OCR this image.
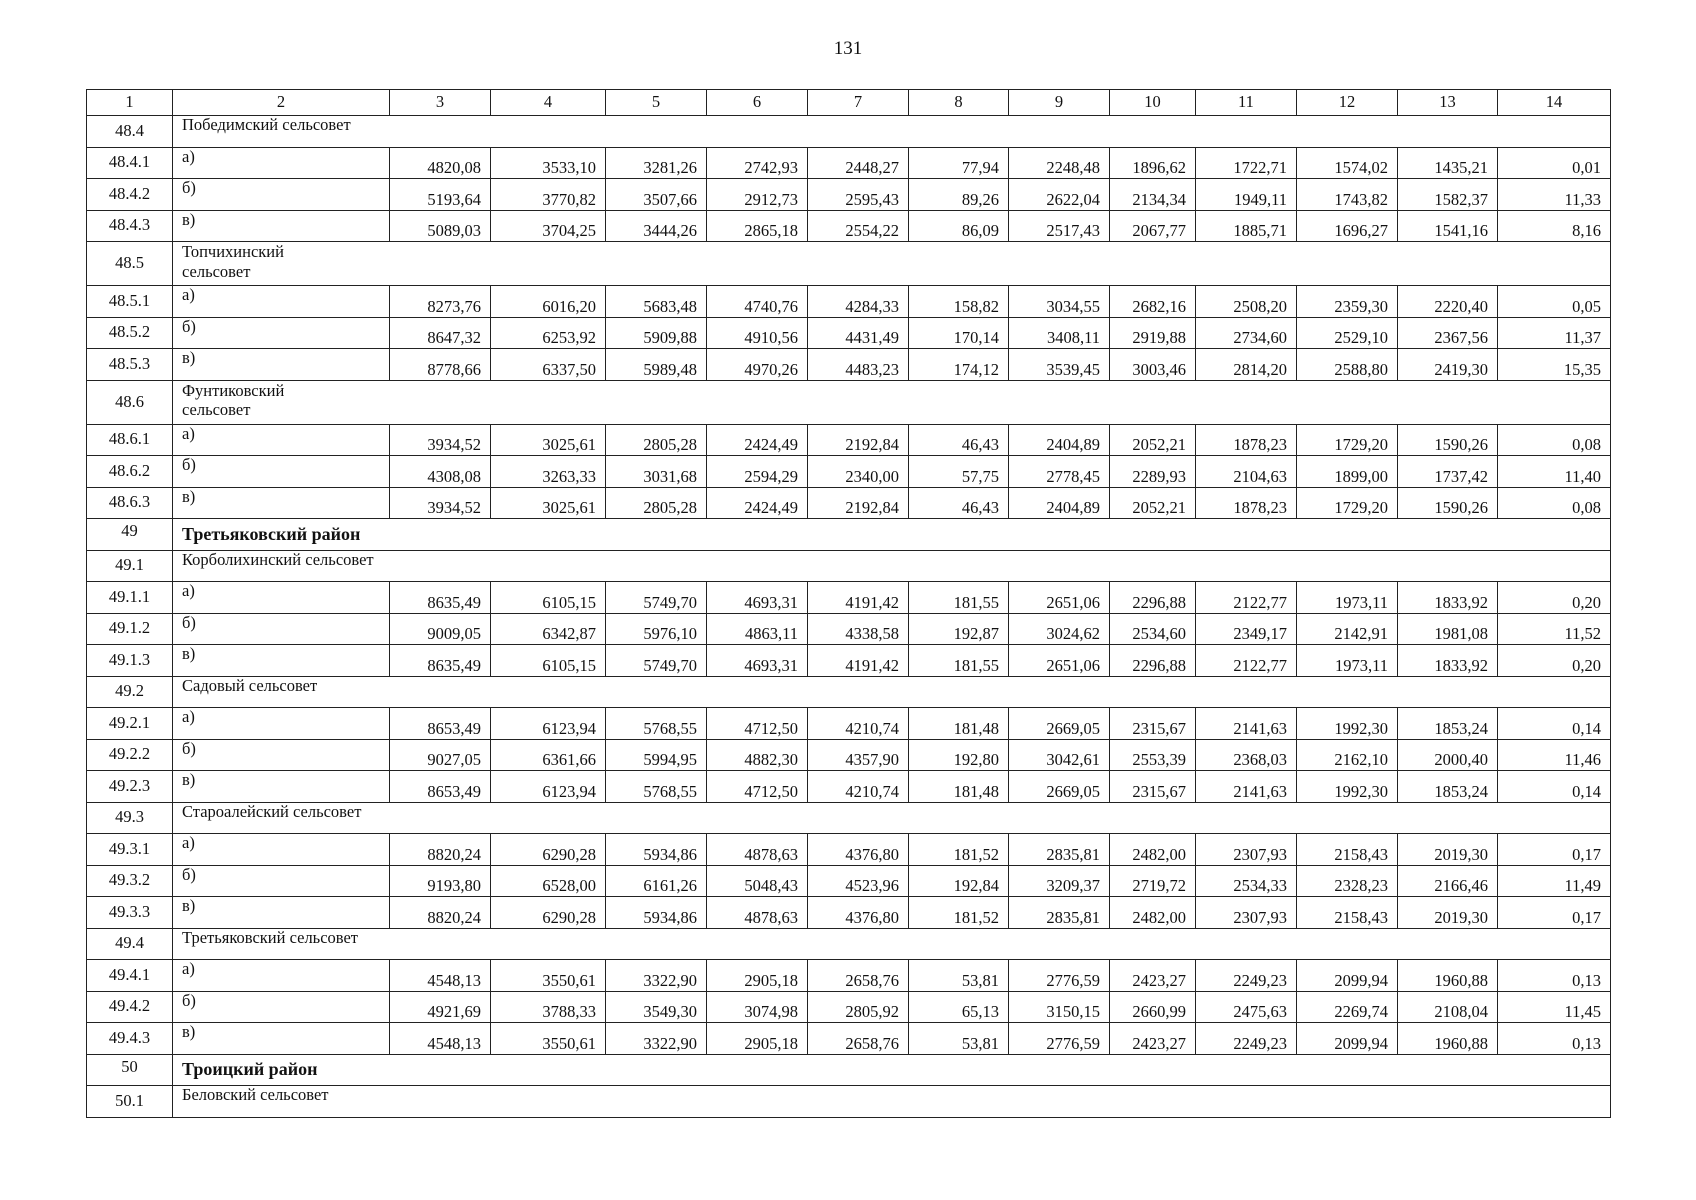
131
1	2	3	4	5	6	7	8	9	10	11	12	13	14
48.4	Победимский сельсовет												
48.4.1	а)	4820,08	3533,10	3281,26	2742,93	2448,27	77,94	2248,48	1896,62	1722,71	1574,02	1435,21	0,01
48.4.2	б)	5193,64	3770,82	3507,66	2912,73	2595,43	89,26	2622,04	2134,34	1949,11	1743,82	1582,37	11,33
48.4.3	в)	5089,03	3704,25	3444,26	2865,18	2554,22	86,09	2517,43	2067,77	1885,71	1696,27	1541,16	8,16
48.5	Топчихинский сельсовет												

48.5.1	а)	8273,76	6016,20	5683,48	4740,76	4284,33	158,82	3034,55	2682,16	2508,20	2359,30	2220,40	0,05
48.5.2	б)	8647,32	6253,92	5909,88	4910,56	4431,49	170,14	3408,11	2919,88	2734,60	2529,10	2367,56	11,37
48.5.3	в)	8778,66	6337,50	5989,48	4970,26	4483,23	174,12	3539,45	3003,46	2814,20	2588,80	2419,30	15,35
48.6	Фунтиковский сельсовет												

48.6.1	а)	3934,52	3025,61	2805,28	2424,49	2192,84	46,43	2404,89	2052,21	1878,23	1729,20	1590,26	0,08
48.6.2	б)	4308,08	3263,33	3031,68	2594,29	2340,00	57,75	2778,45	2289,93	2104,63	1899,00	1737,42	11,40
48.6.3	в)	3934,52	3025,61	2805,28	2424,49	2192,84	46,43	2404,89	2052,21	1878,23	1729,20	1590,26	0,08
49	Третьяковский район												
49.1	Корболихинский сельсовет												
49.1.1	а)	8635,49	6105,15	5749,70	4693,31	4191,42	181,55	2651,06	2296,88	2122,77	1973,11	1833,92	0,20
49.1.2	б)	9009,05	6342,87	5976,10	4863,11	4338,58	192,87	3024,62	2534,60	2349,17	2142,91	1981,08	11,52
49.1.3	в)	8635,49	6105,15	5749,70	4693,31	4191,42	181,55	2651,06	2296,88	2122,77	1973,11	1833,92	0,20
49.2	Садовый сельсовет												
49.2.1	а)	8653,49	6123,94	5768,55	4712,50	4210,74	181,48	2669,05	2315,67	2141,63	1992,30	1853,24	0,14
49.2.2	б)	9027,05	6361,66	5994,95	4882,30	4357,90	192,80	3042,61	2553,39	2368,03	2162,10	2000,40	11,46
49.2.3	в)	8653,49	6123,94	5768,55	4712,50	4210,74	181,48	2669,05	2315,67	2141,63	1992,30	1853,24	0,14
49.3	Староалейский сельсовет												
49.3.1	а)	8820,24	6290,28	5934,86	4878,63	4376,80	181,52	2835,81	2482,00	2307,93	2158,43	2019,30	0,17
49.3.2	б)	9193,80	6528,00	6161,26	5048,43	4523,96	192,84	3209,37	2719,72	2534,33	2328,23	2166,46	11,49
49.3.3	в)	8820,24	6290,28	5934,86	4878,63	4376,80	181,52	2835,81	2482,00	2307,93	2158,43	2019,30	0,17
49.4	Третьяковский сельсовет												
49.4.1	а)	4548,13	3550,61	3322,90	2905,18	2658,76	53,81	2776,59	2423,27	2249,23	2099,94	1960,88	0,13
49.4.2	б)	4921,69	3788,33	3549,30	3074,98	2805,92	65,13	3150,15	2660,99	2475,63	2269,74	2108,04	11,45
49.4.3	в)	4548,13	3550,61	3322,90	2905,18	2658,76	53,81	2776,59	2423,27	2249,23	2099,94	1960,88	0,13
50	Троицкий район												
50.1	Беловский сельсовет												
